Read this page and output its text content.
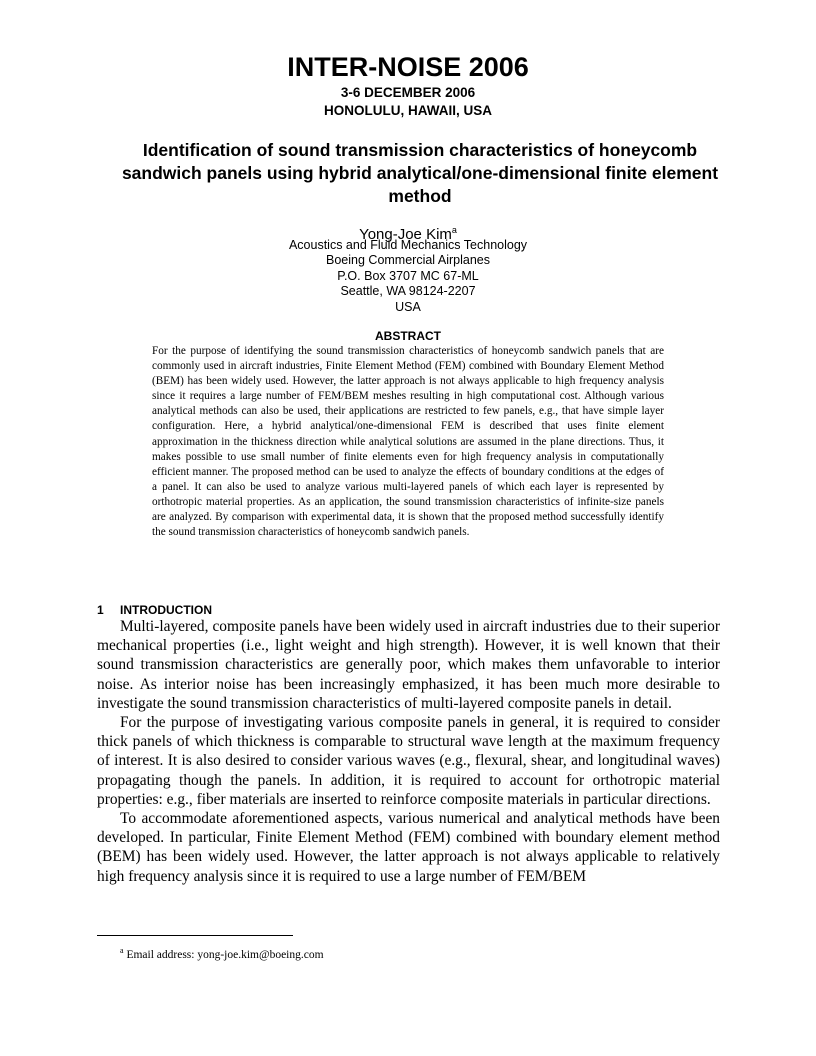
INTER-NOISE 2006
3-6 DECEMBER 2006
HONOLULU, HAWAII, USA
Identification of sound transmission characteristics of honeycomb sandwich panels using hybrid analytical/one-dimensional finite element method
Yong-Joe Kim$^a$
Acoustics and Fluid Mechanics Technology
Boeing Commercial Airplanes
P.O. Box 3707 MC 67-ML
Seattle, WA 98124-2207
USA
ABSTRACT
For the purpose of identifying the sound transmission characteristics of honeycomb sandwich panels that are commonly used in aircraft industries, Finite Element Method (FEM) combined with Boundary Element Method (BEM) has been widely used. However, the latter approach is not always applicable to high frequency analysis since it requires a large number of FEM/BEM meshes resulting in high computational cost. Although various analytical methods can also be used, their applications are restricted to few panels, e.g., that have simple layer configuration. Here, a hybrid analytical/one-dimensional FEM is described that uses finite element approximation in the thickness direction while analytical solutions are assumed in the plane directions. Thus, it makes possible to use small number of finite elements even for high frequency analysis in computationally efficient manner. The proposed method can be used to analyze the effects of boundary conditions at the edges of a panel. It can also be used to analyze various multi-layered panels of which each layer is represented by orthotropic material properties. As an application, the sound transmission characteristics of infinite-size panels are analyzed. By comparison with experimental data, it is shown that the proposed method successfully identify the sound transmission characteristics of honeycomb sandwich panels.
1 INTRODUCTION

Multi-layered, composite panels have been widely used in aircraft industries due to their superior mechanical properties (i.e., light weight and high strength). However, it is well known that their sound transmission characteristics are generally poor, which makes them unfavorable to interior noise. As interior noise has been increasingly emphasized, it has been much more desirable to investigate the sound transmission characteristics of multi-layered composite panels in detail.

For the purpose of investigating various composite panels in general, it is required to consider thick panels of which thickness is comparable to structural wave length at the maximum frequency of interest. It is also desired to consider various waves (e.g., flexural, shear, and longitudinal waves) propagating though the panels. In addition, it is required to account for orthotropic material properties: e.g., fiber materials are inserted to reinforce composite materials in particular directions.

To accommodate aforementioned aspects, various numerical and analytical methods have been developed. In particular, Finite Element Method (FEM) combined with boundary element method (BEM) has been widely used. However, the latter approach is not always applicable to relatively high frequency analysis since it is required to use a large number of FEM/BEM

$^a$ Email address: yong-joe.kim@boeing.com
